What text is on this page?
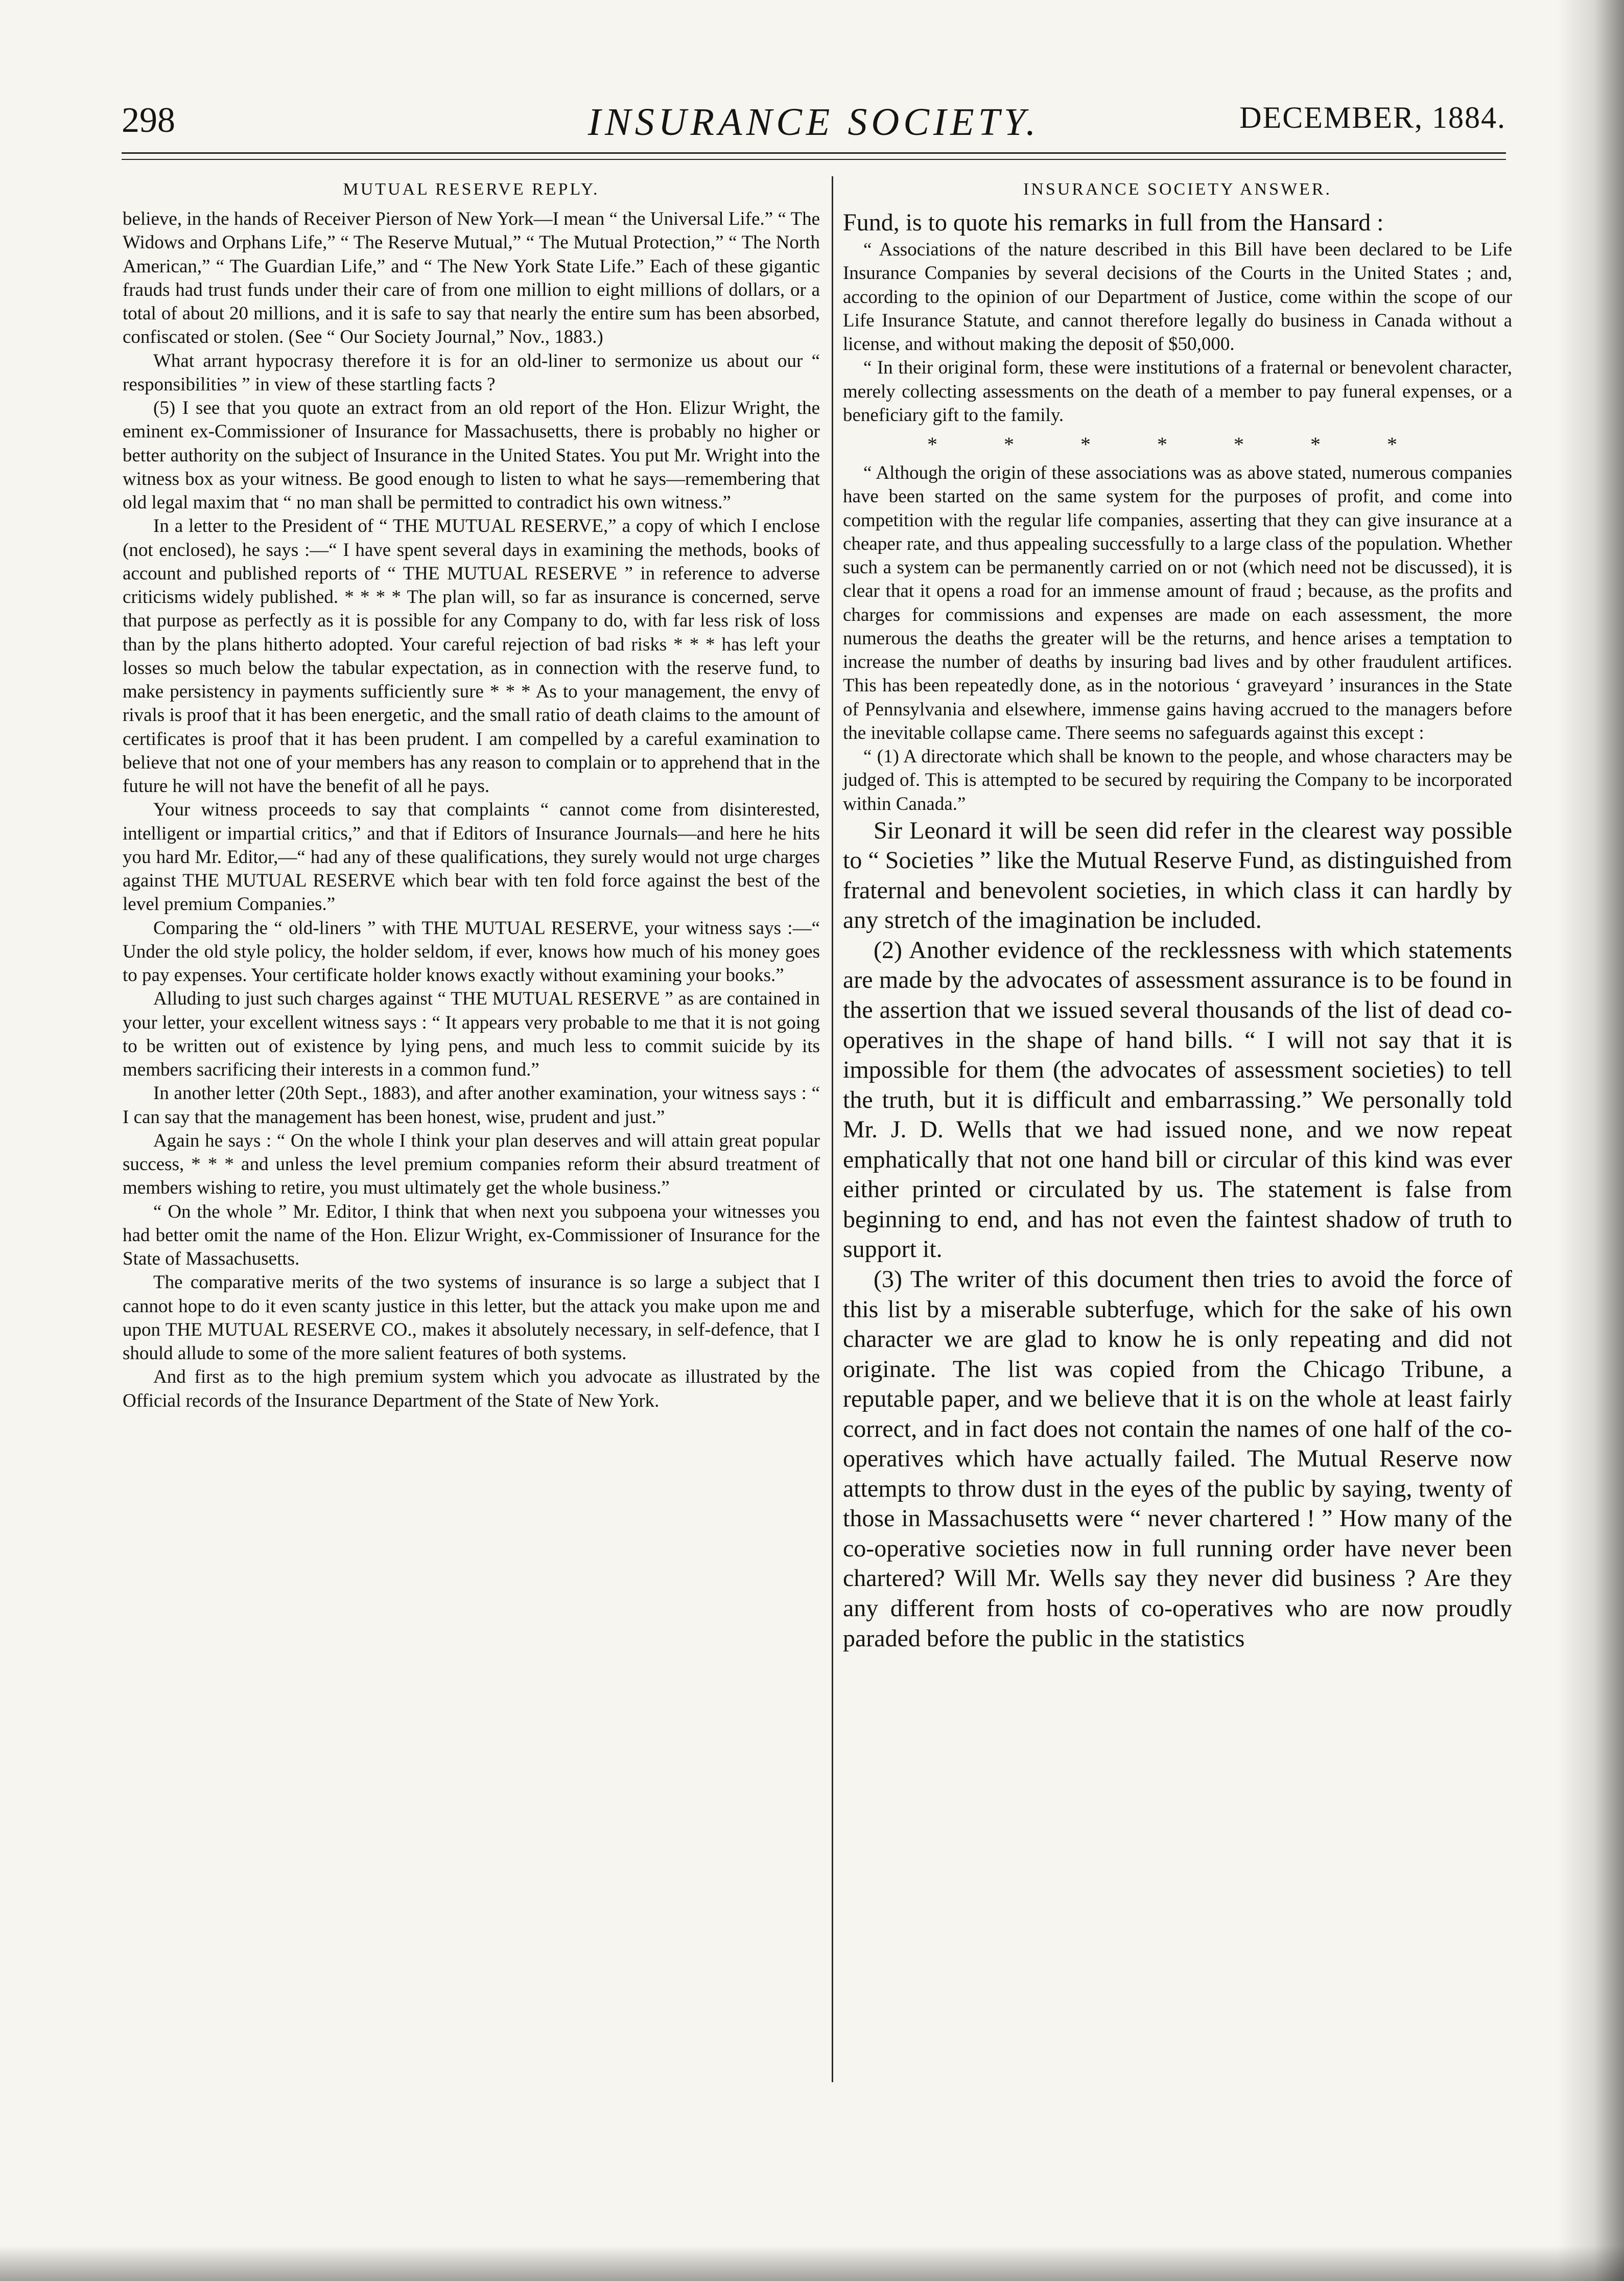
298	INSURANCE SOCIETY.	DECEMBER, 1884.
MUTUAL RESERVE REPLY.

believe, in the hands of Receiver Pierson of New York—I mean “ the Universal Life.” “ The Widows and Orphans Life,” “ The Reserve Mutual,” “ The Mutual Protection,” “ The North American,” “ The Guardian Life,” and “ The New York State Life.” Each of these gigantic frauds had trust funds under their care of from one million to eight millions of dollars, or a total of about 20 millions, and it is safe to say that nearly the entire sum has been absorbed, confiscated or stolen. (See “ Our Society Journal,” Nov., 1883.)

What arrant hypocrasy therefore it is for an old-liner to sermonize us about our “ responsibilities ” in view of these startling facts ?

(5) I see that you quote an extract from an old report of the Hon. Elizur Wright, the eminent ex-Commissioner of Insurance for Massachusetts, there is probably no higher or better authority on the subject of Insurance in the United States. You put Mr. Wright into the witness box as your witness. Be good enough to listen to what he says—remembering that old legal maxim that “ no man shall be permitted to contradict his own witness.”

In a letter to the President of “ THE MUTUAL RESERVE,” a copy of which I enclose (not enclosed), he says :—“ I have spent several days in examining the methods, books of account and published reports of “ THE MUTUAL RESERVE ” in reference to adverse criticisms widely published. * * * * The plan will, so far as insurance is concerned, serve that purpose as perfectly as it is possible for any Company to do, with far less risk of loss than by the plans hitherto adopted. Your careful rejection of bad risks * * * has left your losses so much below the tabular expectation, as in connection with the reserve fund, to make persistency in payments sufficiently sure * * * As to your management, the envy of rivals is proof that it has been energetic, and the small ratio of death claims to the amount of certificates is proof that it has been prudent. I am compelled by a careful examination to believe that not one of your members has any reason to complain or to apprehend that in the future he will not have the benefit of all he pays.

Your witness proceeds to say that complaints “ cannot come from disinterested, intelligent or impartial critics,” and that if Editors of Insurance Journals—and here he hits you hard Mr. Editor,—“ had any of these qualifications, they surely would not urge charges against THE MUTUAL RESERVE which bear with ten fold force against the best of the level premium Companies.”

Comparing the “ old-liners ” with THE MUTUAL RESERVE, your witness says :—“ Under the old style policy, the holder seldom, if ever, knows how much of his money goes to pay expenses. Your certificate holder knows exactly without examining your books.”

Alluding to just such charges against “ THE MUTUAL RESERVE ” as are contained in your letter, your excellent witness says : “ It appears very probable to me that it is not going to be written out of existence by lying pens, and much less to commit suicide by its members sacrificing their interests in a common fund.”

In another letter (20th Sept., 1883), and after another examination, your witness says : “ I can say that the management has been honest, wise, prudent and just.”

Again he says : “ On the whole I think your plan deserves and will attain great popular success, * * * and unless the level premium companies reform their absurd treatment of members wishing to retire, you must ultimately get the whole business.”

“ On the whole ” Mr. Editor, I think that when next you subpoena your witnesses you had better omit the name of the Hon. Elizur Wright, ex-Commissioner of Insurance for the State of Massachusetts.

The comparative merits of the two systems of insurance is so large a subject that I cannot hope to do it even scanty justice in this letter, but the attack you make upon me and upon THE MUTUAL RESERVE CO., makes it absolutely necessary, in self-defence, that I should allude to some of the more salient features of both systems.

And first as to the high premium system which you advocate as illustrated by the Official records of the Insurance Department of the State of New York.

INSURANCE SOCIETY ANSWER.

Fund, is to quote his remarks in full from the Hansard :

“ Associations of the nature described in this Bill have been declared to be Life Insurance Companies by several decisions of the Courts in the United States ; and, according to the opinion of our Department of Justice, come within the scope of our Life Insurance Statute, and cannot therefore legally do business in Canada without a license, and without making the deposit of $50,000.

“ In their original form, these were institutions of a fraternal or benevolent character, merely collecting assessments on the death of a member to pay funeral expenses, or a beneficiary gift to the family.

* * * * * * *

“ Although the origin of these associations was as above stated, numerous companies have been started on the same system for the purposes of profit, and come into competition with the regular life companies, asserting that they can give insurance at a cheaper rate, and thus appealing successfully to a large class of the population. Whether such a system can be permanently carried on or not (which need not be discussed), it is clear that it opens a road for an immense amount of fraud ; because, as the profits and charges for commissions and expenses are made on each assessment, the more numerous the deaths the greater will be the returns, and hence arises a temptation to increase the number of deaths by insuring bad lives and by other fraudulent artifices. This has been repeatedly done, as in the notorious ‘ graveyard ’ insurances in the State of Pennsylvania and elsewhere, immense gains having accrued to the managers before the inevitable collapse came. There seems no safeguards against this except :

“ (1) A directorate which shall be known to the people, and whose characters may be judged of. This is attempted to be secured by requiring the Company to be incorporated within Canada.”

Sir Leonard it will be seen did refer in the clearest way possible to “ Societies ” like the Mutual Reserve Fund, as distinguished from fraternal and benevolent societies, in which class it can hardly by any stretch of the imagination be included.

(2) Another evidence of the recklessness with which statements are made by the advocates of assessment assurance is to be found in the assertion that we issued several thousands of the list of dead co-operatives in the shape of hand bills. “ I will not say that it is impossible for them (the advocates of assessment societies) to tell the truth, but it is difficult and embarrassing.” We personally told Mr. J. D. Wells that we had issued none, and we now repeat emphatically that not one hand bill or circular of this kind was ever either printed or circulated by us. The statement is false from beginning to end, and has not even the faintest shadow of truth to support it.

(3) The writer of this document then tries to avoid the force of this list by a miserable subterfuge, which for the sake of his own character we are glad to know he is only repeating and did not originate. The list was copied from the Chicago Tribune, a reputable paper, and we believe that it is on the whole at least fairly correct, and in fact does not contain the names of one half of the co-operatives which have actually failed. The Mutual Reserve now attempts to throw dust in the eyes of the public by saying, twenty of those in Massachusetts were “ never chartered ! ” How many of the co-operative societies now in full running order have never been chartered? Will Mr. Wells say they never did business ? Are they any different from hosts of co-operatives who are now proudly paraded before the public in the statistics
